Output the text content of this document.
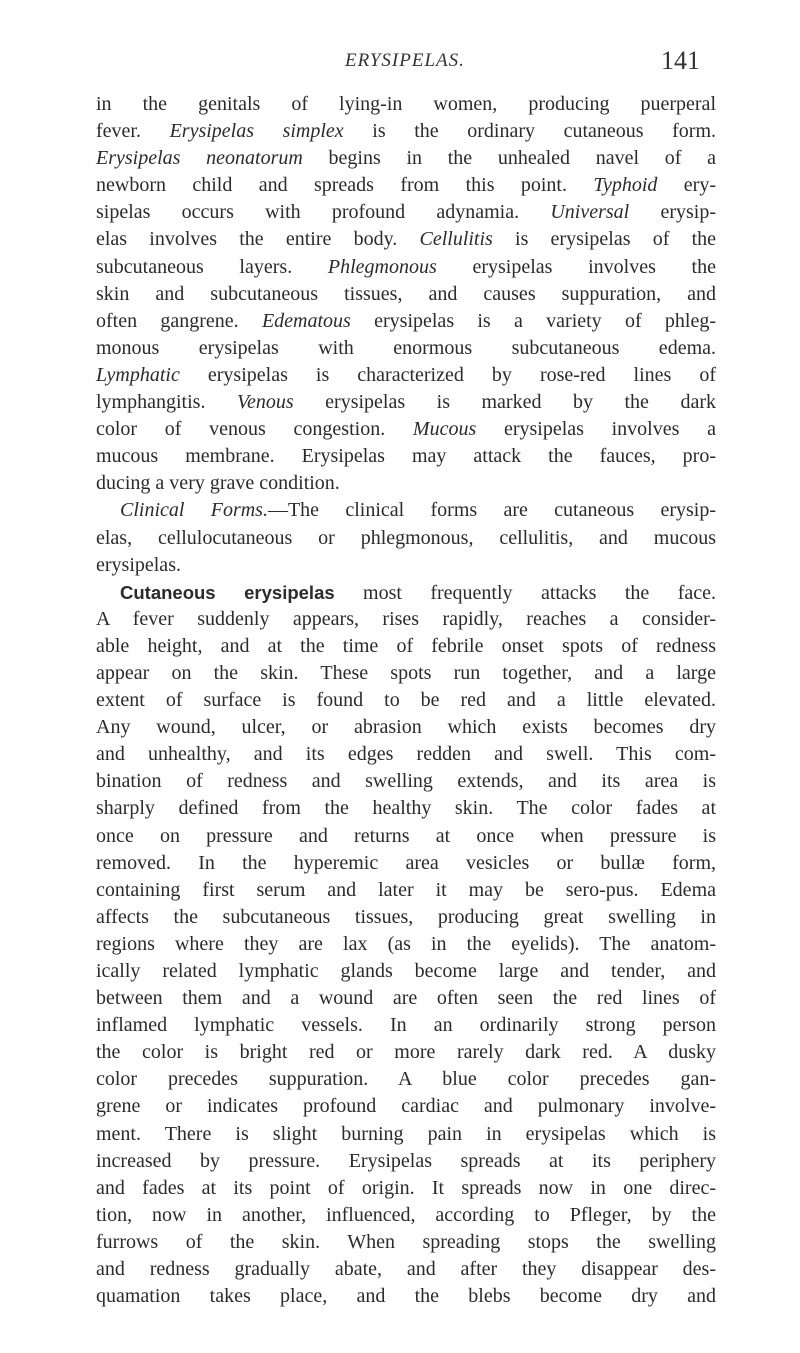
ERYSIPELAS.	141
in the genitals of lying-in women, producing puerperal
fever. Erysipelas simplex is the ordinary cutaneous form.
Erysipelas neonatorum begins in the unhealed navel of a
newborn child and spreads from this point. Typhoid ery-
sipelas occurs with profound adynamia. Universal erysip-
elas involves the entire body. Cellulitis is erysipelas of the
subcutaneous layers. Phlegmonous erysipelas involves the
skin and subcutaneous tissues, and causes suppuration, and
often gangrene. Edematous erysipelas is a variety of phleg-
monous erysipelas with enormous subcutaneous edema.
Lymphatic erysipelas is characterized by rose-red lines of
lymphangitis. Venous erysipelas is marked by the dark
color of venous congestion. Mucous erysipelas involves a
mucous membrane. Erysipelas may attack the fauces, pro-
ducing a very grave condition.
Clinical Forms.—The clinical forms are cutaneous erysip-
elas, cellulocutaneous or phlegmonous, cellulitis, and mucous
erysipelas.
Cutaneous erysipelas most frequently attacks the face.
A fever suddenly appears, rises rapidly, reaches a consider-
able height, and at the time of febrile onset spots of redness
appear on the skin. These spots run together, and a large
extent of surface is found to be red and a little elevated.
Any wound, ulcer, or abrasion which exists becomes dry
and unhealthy, and its edges redden and swell. This com-
bination of redness and swelling extends, and its area is
sharply defined from the healthy skin. The color fades at
once on pressure and returns at once when pressure is
removed. In the hyperemic area vesicles or bullæ form,
containing first serum and later it may be sero-pus. Edema
affects the subcutaneous tissues, producing great swelling in
regions where they are lax (as in the eyelids). The anatom-
ically related lymphatic glands become large and tender, and
between them and a wound are often seen the red lines of
inflamed lymphatic vessels. In an ordinarily strong person
the color is bright red or more rarely dark red. A dusky
color precedes suppuration. A blue color precedes gan-
grene or indicates profound cardiac and pulmonary involve-
ment. There is slight burning pain in erysipelas which is
increased by pressure. Erysipelas spreads at its periphery
and fades at its point of origin. It spreads now in one direc-
tion, now in another, influenced, according to Pfleger, by the
furrows of the skin. When spreading stops the swelling
and redness gradually abate, and after they disappear des-
quamation takes place, and the blebs become dry and
